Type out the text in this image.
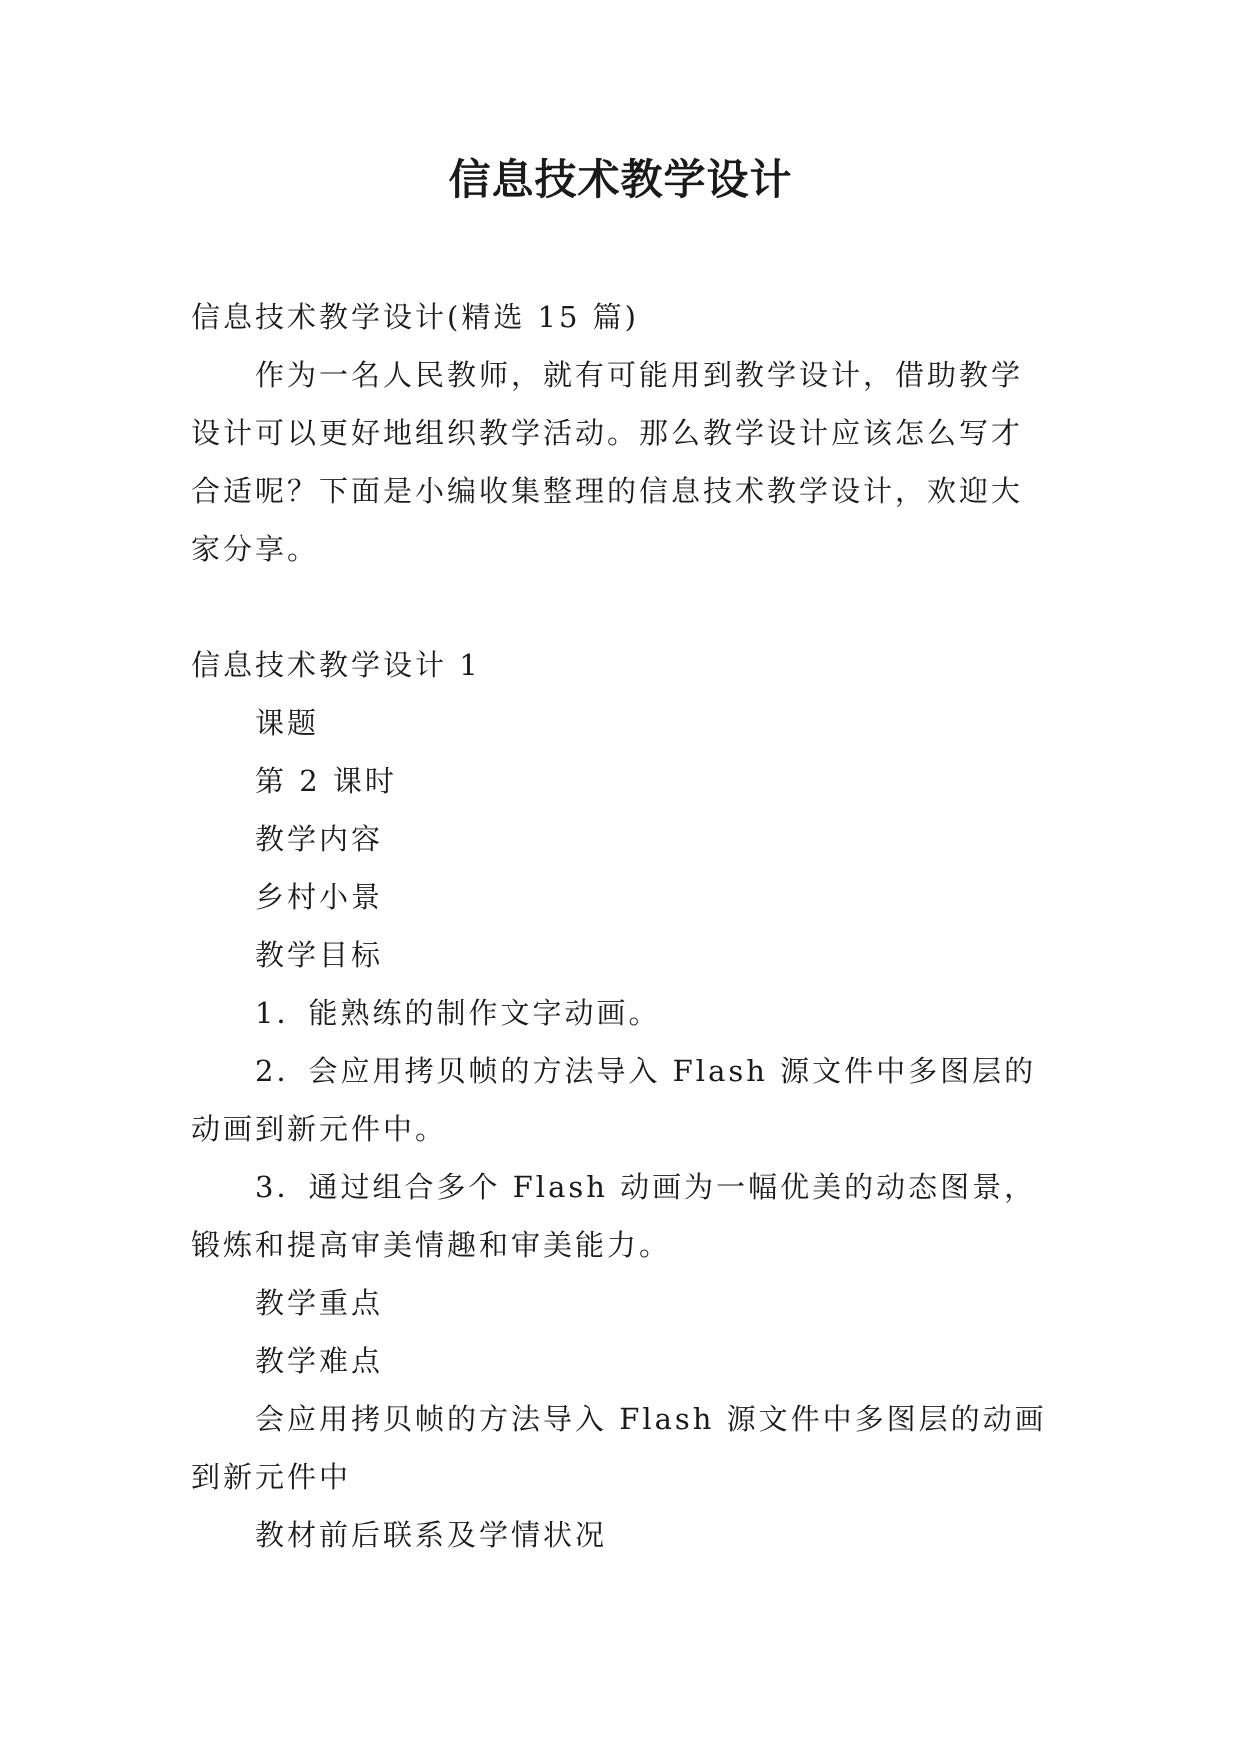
信息技术教学设计

信息技术教学设计(精选 15 篇)

作为一名人民教师，就有可能用到教学设计，借助教学设计可以更好地组织教学活动。那么教学设计应该怎么写才合适呢？下面是小编收集整理的信息技术教学设计，欢迎大家分享。

信息技术教学设计 1

课题

第 2 课时

教学内容

乡村小景

教学目标

1．能熟练的制作文字动画。

2．会应用拷贝帧的方法导入 Flash 源文件中多图层的动画到新元件中。

3．通过组合多个 Flash 动画为一幅优美的动态图景，锻炼和提高审美情趣和审美能力。

教学重点

教学难点

会应用拷贝帧的方法导入 Flash 源文件中多图层的动画到新元件中

教材前后联系及学情状况
